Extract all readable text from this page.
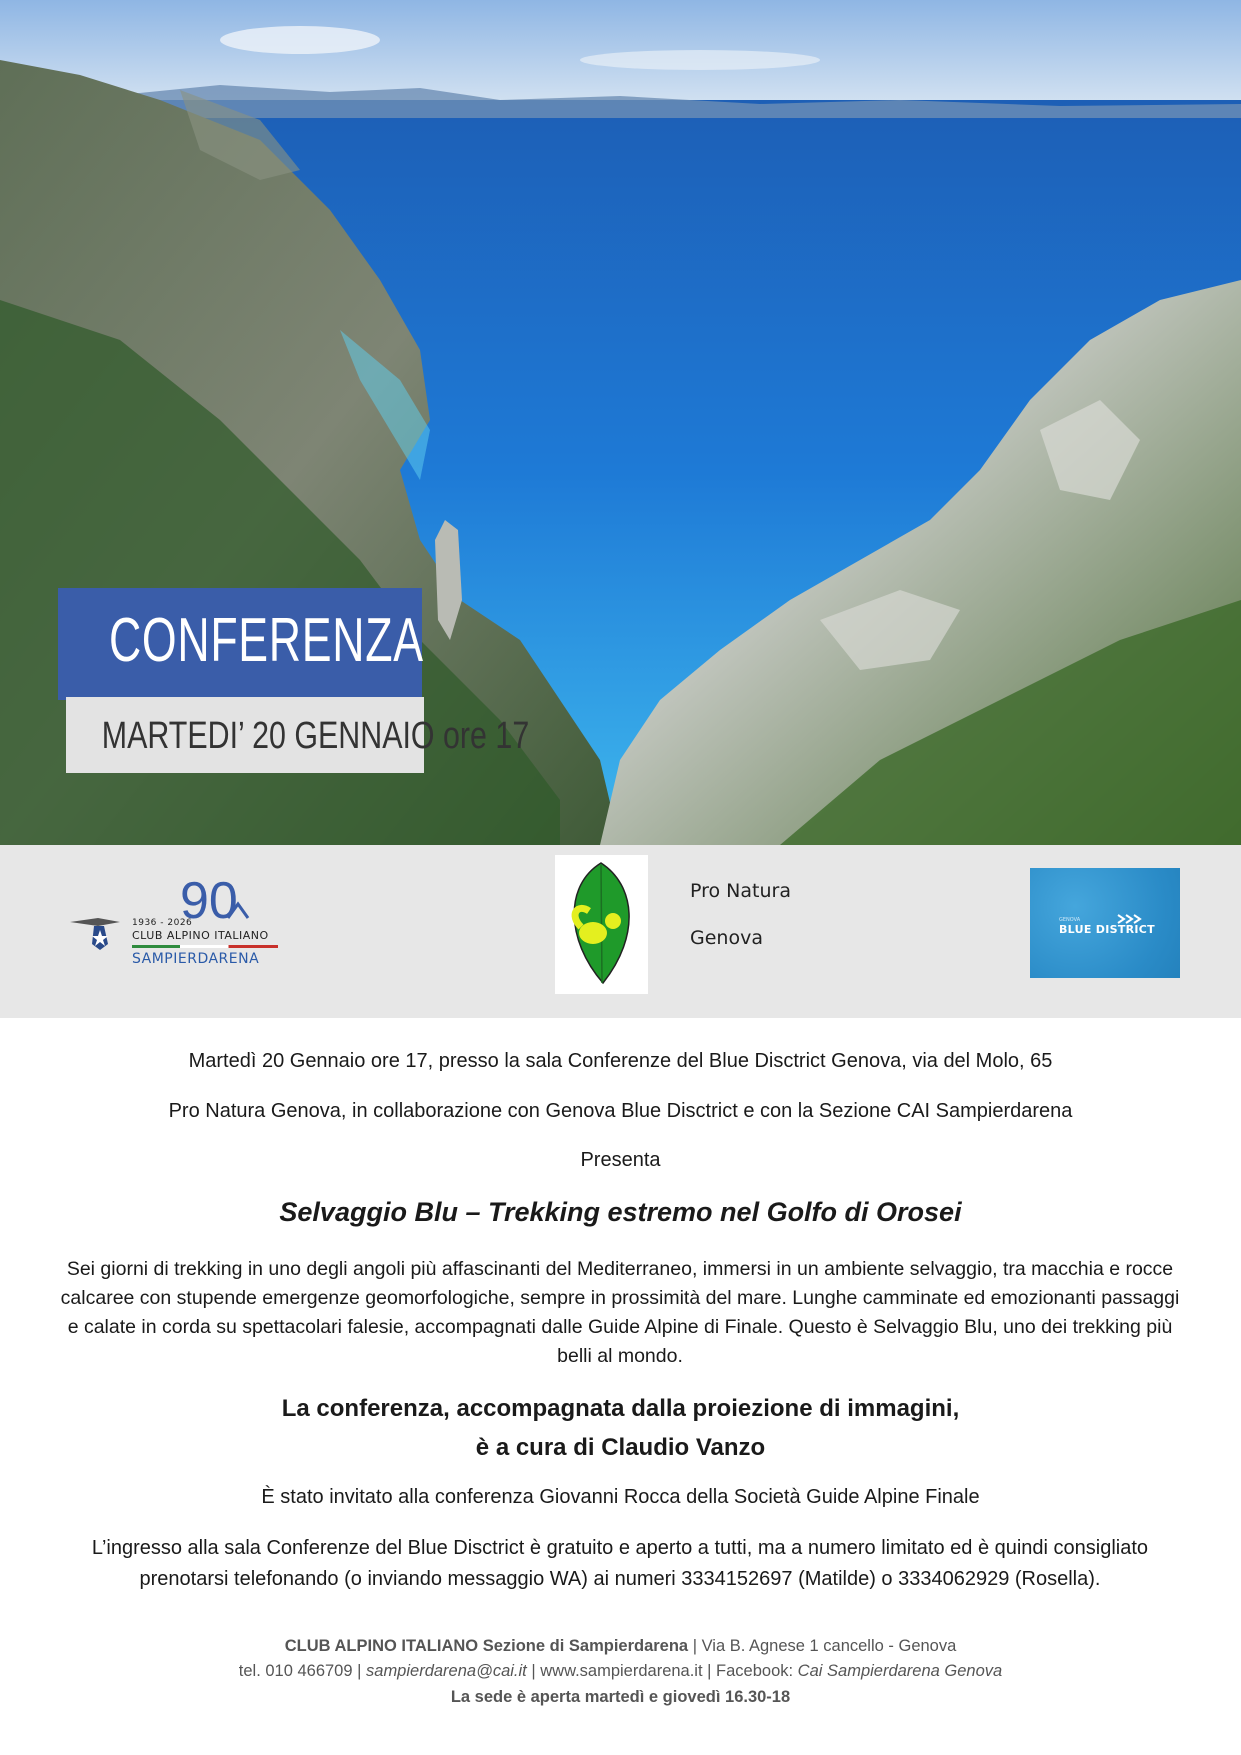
CONFERENZA
MARTEDI’ 20 GENNAIO ore 17
90
1936 - 2026
CLUB ALPINO ITALIANO
SAMPIERDARENA
Pro Natura
Genova
GENOVA
BLUE DISTRICT
Martedì 20 Gennaio ore 17, presso la sala Conferenze del Blue Disctrict Genova, via del Molo, 65
Pro Natura Genova, in collaborazione con Genova Blue Disctrict e con la Sezione CAI Sampierdarena
Presenta
Selvaggio Blu – Trekking estremo nel Golfo di Orosei
Sei giorni di trekking in uno degli angoli più affascinanti del Mediterraneo, immersi in un ambiente selvaggio, tra macchia e rocce calcaree con stupende emergenze geomorfologiche, sempre in prossimità del mare. Lunghe camminate ed emozionanti passaggi e calate in corda su spettacolari falesie, accompagnati dalle Guide Alpine di Finale. Questo è Selvaggio Blu, uno dei trekking più belli al mondo.
La conferenza, accompagnata dalla proiezione di immagini,
è a cura di Claudio Vanzo
È stato invitato alla conferenza Giovanni Rocca della Società Guide Alpine Finale
L’ingresso alla sala Conferenze del Blue Disctrict è gratuito e aperto a tutti, ma a numero limitato ed è quindi consigliato prenotarsi telefonando (o inviando messaggio WA) ai numeri 3334152697 (Matilde) o 3334062929 (Rosella).
CLUB ALPINO ITALIANO Sezione di Sampierdarena | Via B. Agnese 1 cancello - Genova
tel. 010 466709 | sampierdarena@cai.it | www.sampierdarena.it | Facebook: Cai Sampierdarena Genova
La sede è aperta martedì e giovedì 16.30-18
